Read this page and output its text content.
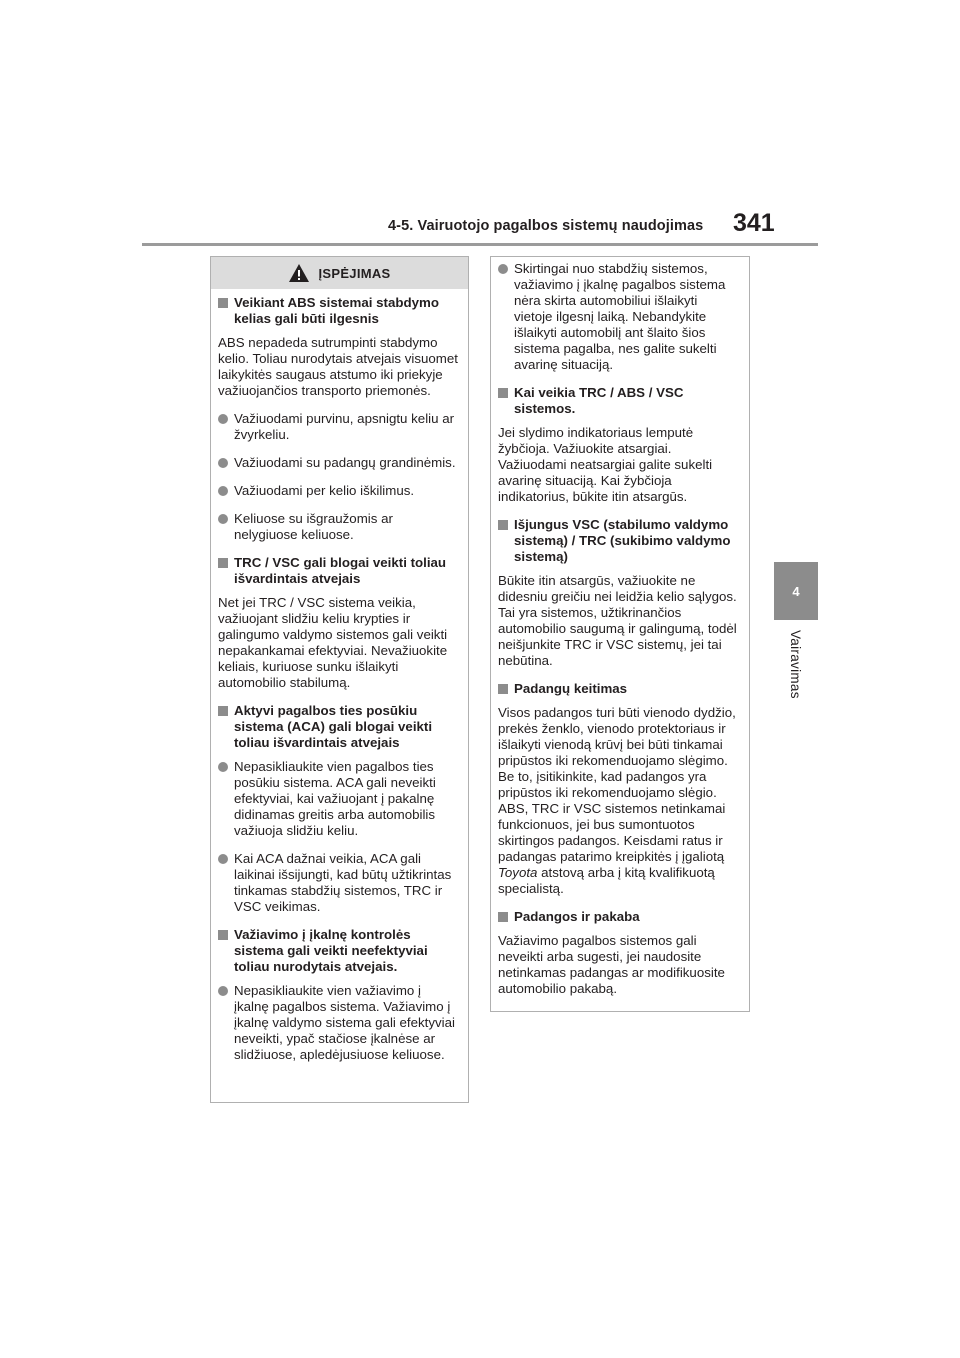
4-5. Vairuotojo pagalbos sistemų naudojimas 341
4
Vairavimas
ĮSPĖJIMAS
Veikiant ABS sistemai stabdymo kelias gali būti ilgesnis
ABS nepadeda sutrumpinti stabdymo kelio. Toliau nurodytais atvejais visuomet laikykitės saugaus atstumo iki priekyje važiuojančios transporto priemonės.
Važiuodami purvinu, apsnigtu keliu ar žvyrkeliu.
Važiuodami su padangų grandinėmis.
Važiuodami per kelio iškilimus.
Keliuose su išgraužomis ar nelygiuose keliuose.
TRC / VSC gali blogai veikti toliau išvardintais atvejais
Net jei TRC / VSC sistema veikia, važiuojant slidžiu keliu krypties ir galingumo valdymo sistemos gali veikti nepakankamai efektyviai. Nevažiuokite keliais, kuriuose sunku išlaikyti automobilio stabilumą.
Aktyvi pagalbos ties posūkiu sistema (ACA) gali blogai veikti toliau išvardintais atvejais
Nepasikliaukite vien pagalbos ties posūkiu sistema. ACA gali neveikti efektyviai, kai važiuojant į pakalnę didinamas greitis arba automobilis važiuoja slidžiu keliu.
Kai ACA dažnai veikia, ACA gali laikinai išsijungti, kad būtų užtikrintas tinkamas stabdžių sistemos, TRC ir VSC veikimas.
Važiavimo į įkalnę kontrolės sistema gali veikti neefektyviai toliau nurodytais atvejais.
Nepasikliaukite vien važiavimo į įkalnę pagalbos sistema. Važiavimo į įkalnę valdymo sistema gali efektyviai neveikti, ypač stačiose įkalnėse ar slidžiuose, apledėjusiuose keliuose.
Skirtingai nuo stabdžių sistemos, važiavimo į įkalnę pagalbos sistema nėra skirta automobiliui išlaikyti vietoje ilgesnį laiką. Nebandykite išlaikyti automobilį ant šlaito šios sistema pagalba, nes galite sukelti avarinę situaciją.
Kai veikia TRC / ABS / VSC sistemos.
Jei slydimo indikatoriaus lemputė žybčioja. Važiuokite atsargiai. Važiuodami neatsargiai galite sukelti avarinę situaciją. Kai žybčioja indikatorius, būkite itin atsargūs.
Išjungus VSC (stabilumo valdymo sistemą) / TRC (sukibimo valdymo sistemą)
Būkite itin atsargūs, važiuokite ne didesniu greičiu nei leidžia kelio sąlygos. Tai yra sistemos, užtikrinančios automobilio saugumą ir galingumą, todėl neišjunkite TRC ir VSC sistemų, jei tai nebūtina.
Padangų keitimas
Visos padangos turi būti vienodo dydžio, prekės ženklo, vienodo protektoriaus ir išlaikyti vienodą krūvį bei būti tinkamai pripūstos iki rekomenduojamo slėgimo. Be to, įsitikinkite, kad padangos yra pripūstos iki rekomenduojamo slėgio. ABS, TRC ir VSC sistemos netinkamai funkcionuos, jei bus sumontuotos skirtingos padangos. Keisdami ratus ir padangas patarimo kreipkitės į įgaliotą Toyota atstovą arba į kitą kvalifikuotą specialistą.
Padangos ir pakaba
Važiavimo pagalbos sistemos gali neveikti arba sugesti, jei naudosite netinkamas padangas ar modifikuosite automobilio pakabą.
